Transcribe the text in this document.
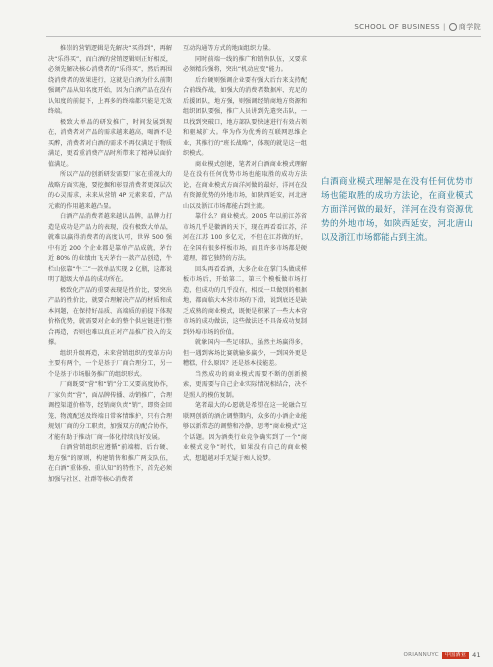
SCHOOL OF BUSINESS | 商学院

推崇的营销逻辑是先解决“买得到”，再解决“乐得买”，而白酒的营销逻辑则正好相反，必须先解决核心消费者的“乐得买”，然后再围绕消费者的效果进行，这就是白酒为什么前期强调产品从知名度开始，因为白酒产品在没有认知度的前提下，上再多的终端都只能是无效终端。

极致大单品的研发推广，时间发展到现在，消费者对产品的需求越来越高，喝酒不是买醉，消费者对白酒的需求不再仅满足于物质满足，更看重消费产品时所带来了精神层面价值满足。

所以产品的创新研发需要厂家在重视大的战略方面实施，要挖掘和彰显消费者更深层次的心灵需求，未来从营销 4P 元素来看，产品元素的作用越来越凸显。

白酒产品消费者越来越认品牌，品牌力打造是成功是产品力的表现，没有极致大单品，就难以赢得消费者的高度认可，世界 500 强中有近 200 个企业都是靠单产品成就，茅台近 80% 的业绩由飞天茅台一款产品创造，牛栏山依靠“牛二”一款单品实现 2 亿瓶，这都说明了超级大单品的成功所在。

极致化产品的重要表现是性价比，要突出产品的性价比，就要合理解决产品的材质和成本问题，在保持好品质、高端质的前提下体现价格优势，就需要对企业的整个供应链进行整合再造，否则也难以真正对产品推广投入的支撑。

组织升级再造，未来营销组织的变革方向主要有两个，一个是基于厂商合理分工，另一个是基于市场服务推广的组织形式。

厂商既要“营”和“销”分工又要高度协作，厂家负责“营”，面品牌传播、动销推广，合理调控渠道价格等，经销商负责“销”，即资金回笼、物流配送及终端日常客情维护，只有合理规划厂商的分工职责，加强双方的配合协作，才能有助于推动厂商一体化持续良好发展。

白酒营销组织应遵循“前端精、后台硬、地方强”的原则，构建销售和推广两支队伍，在白酒“重体验、重认知”的特性下，首先必须加强与社区、社群等核心消费者

互动沟通等方式的地面组织力量。

同时前端一线的推广和销售队伍，又要求必须精兵强将，突出“机动应变”能力。

后台硬则强调企业要有强大后台来支持配合前线作战，如强大的消费者数据库、充足的后援团队，地方强，则强调经销商地方资源和组织团队要强，推广人员讲到先遣突击队，一旦找到突破口，地方部队要快速进行有效占领和驱城扩大。华为作为优秀的互联网思维企业，其推行的“班长战略”，体现的就是这一组织模式。

商业模式创建，笔者对白酒商业模式理解是在没有任何优势市场也能取胜的成功方法论，在商业模式方面洋河做的最好，洋河在没有资源优势的外地市场，如陕西延安，河北唐山以及浙江市场都能占到主流。

靠什么？商业模式。2005 年以前江苏省市场几乎是徽酒的天下，现在再看看江苏，洋河在江苏 100 多亿元，不但在江苏做的好，在全国有很多样板市场，而且许多市场都是硬道理，都它独特的方法。

回头再看看酒，大多企业在掌门头做成样板市场后，开始第二，第三个模板做市场打造，但成功的几乎没有，相反一旦做别的根据地，都面临大本营市场的下滑，说到底还是缺乏成熟的商业模式，既便是积累了一些大本营市场的成功做法，这些做法还不具备成功复制到外埠市场的价值。

就象国内一些足球队，虽然主场赢得多，但一遇到客场比赛就输多赢少，一到国外更是糟糕，什么原因？还是基本技能差。

当然成功的商业模式需要不断的创新摸索，更需要与自己企业实际情况相结合，决不是照人的模仿复制。

笔者最大的心愿就是希望在这一轮融合互联网创新的酒企调整期内，众多的小酒企业能够以新常态的调整和冷静，思考“商业模式”这个话题。因为酒类行业竞争确实到了一个“商业模式竞争”时代，如果没有自己的商业模式，想超越对手无疑于痴人说梦。

白酒商业模式理解是在没有任何优势市场也能取胜的成功方法论，在商业模式方面洋河做的最好，洋河在没有资源优势的外地市场，如陕西延安，河北唐山以及浙江市场都能占到主流。
ORIANNUYC	中国酒业 41
